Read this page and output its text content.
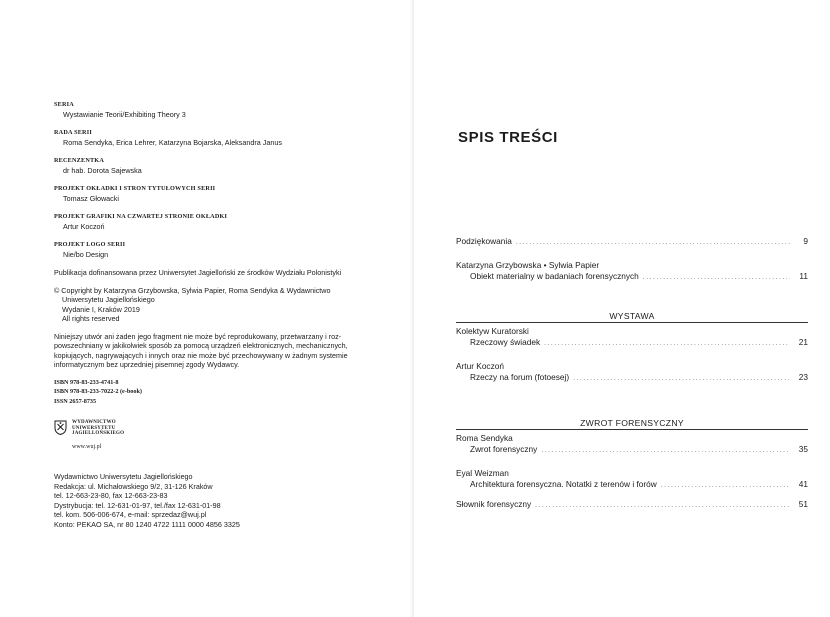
SERIA
Wystawianie Teorii/Exhibiting Theory 3
RADA SERII
Roma Sendyka, Erica Lehrer, Katarzyna Bojarska, Aleksandra Janus
RECENZENTKA
dr hab. Dorota Sajewska
PROJEKT OKŁADKI I STRON TYTUŁOWYCH SERII
Tomasz Głowacki
PROJEKT GRAFIKI NA CZWARTEJ STRONIE OKŁADKI
Artur Koczoń
PROJEKT LOGO SERII
Nie/bo Design

Publikacja dofinansowana przez Uniwersytet Jagielloński ze środków Wydziału Polonistyki

© Copyright by Katarzyna Grzybowska, Sylwia Papier, Roma Sendyka & Wydawnictwo
Uniwersytetu Jagiellońskiego
Wydanie I, Kraków 2019
All rights reserved
Niniejszy utwór ani żaden jego fragment nie może być reprodukowany, przetwarzany i roz-
powszechniany w jakikolwiek sposób za pomocą urządzeń elektronicznych, mechanicznych,
kopiujących, nagrywających i innych oraz nie może być przechowywany w żadnym systemie
informatycznym bez uprzedniej pisemnej zgody Wydawcy.
ISBN 978-83-233-4741-8
ISBN 978-83-233-7022-2 (e-book)
ISSN 2657-8735
WYDAWNICTWO
UNIWERSYTETU
JAGIELLOŃSKIEGO
www.wuj.pl
Wydawnictwo Uniwersytetu Jagiellońskiego
Redakcja: ul. Michałowskiego 9/2, 31-126 Kraków
tel. 12-663-23-80, fax 12-663-23-83
Dystrybucja: tel. 12-631-01-97, tel./fax 12-631-01-98
tel. kom. 506-006-674, e-mail: sprzedaz@wuj.pl
Konto: PEKAO SA, nr 80 1240 4722 1111 0000 4856 3325
SPIS TREŚCI
Podziękowania .....	9
Katarzyna Grzybowska • Sylwia Papier
Obiekt materialny w badaniach forensycznych .....	11
WYSTAWA
Kolektyw Kuratorski
Rzeczowy świadek .....	21
Artur Koczoń
Rzeczy na forum (fotoesej) .....	23
ZWROT FORENSYCZNY
Roma Sendyka
Zwrot forensyczny .....	35
Eyal Weizman
Architektura forensyczna. Notatki z terenów i forów .....	41
Słownik forensyczny .....	51
